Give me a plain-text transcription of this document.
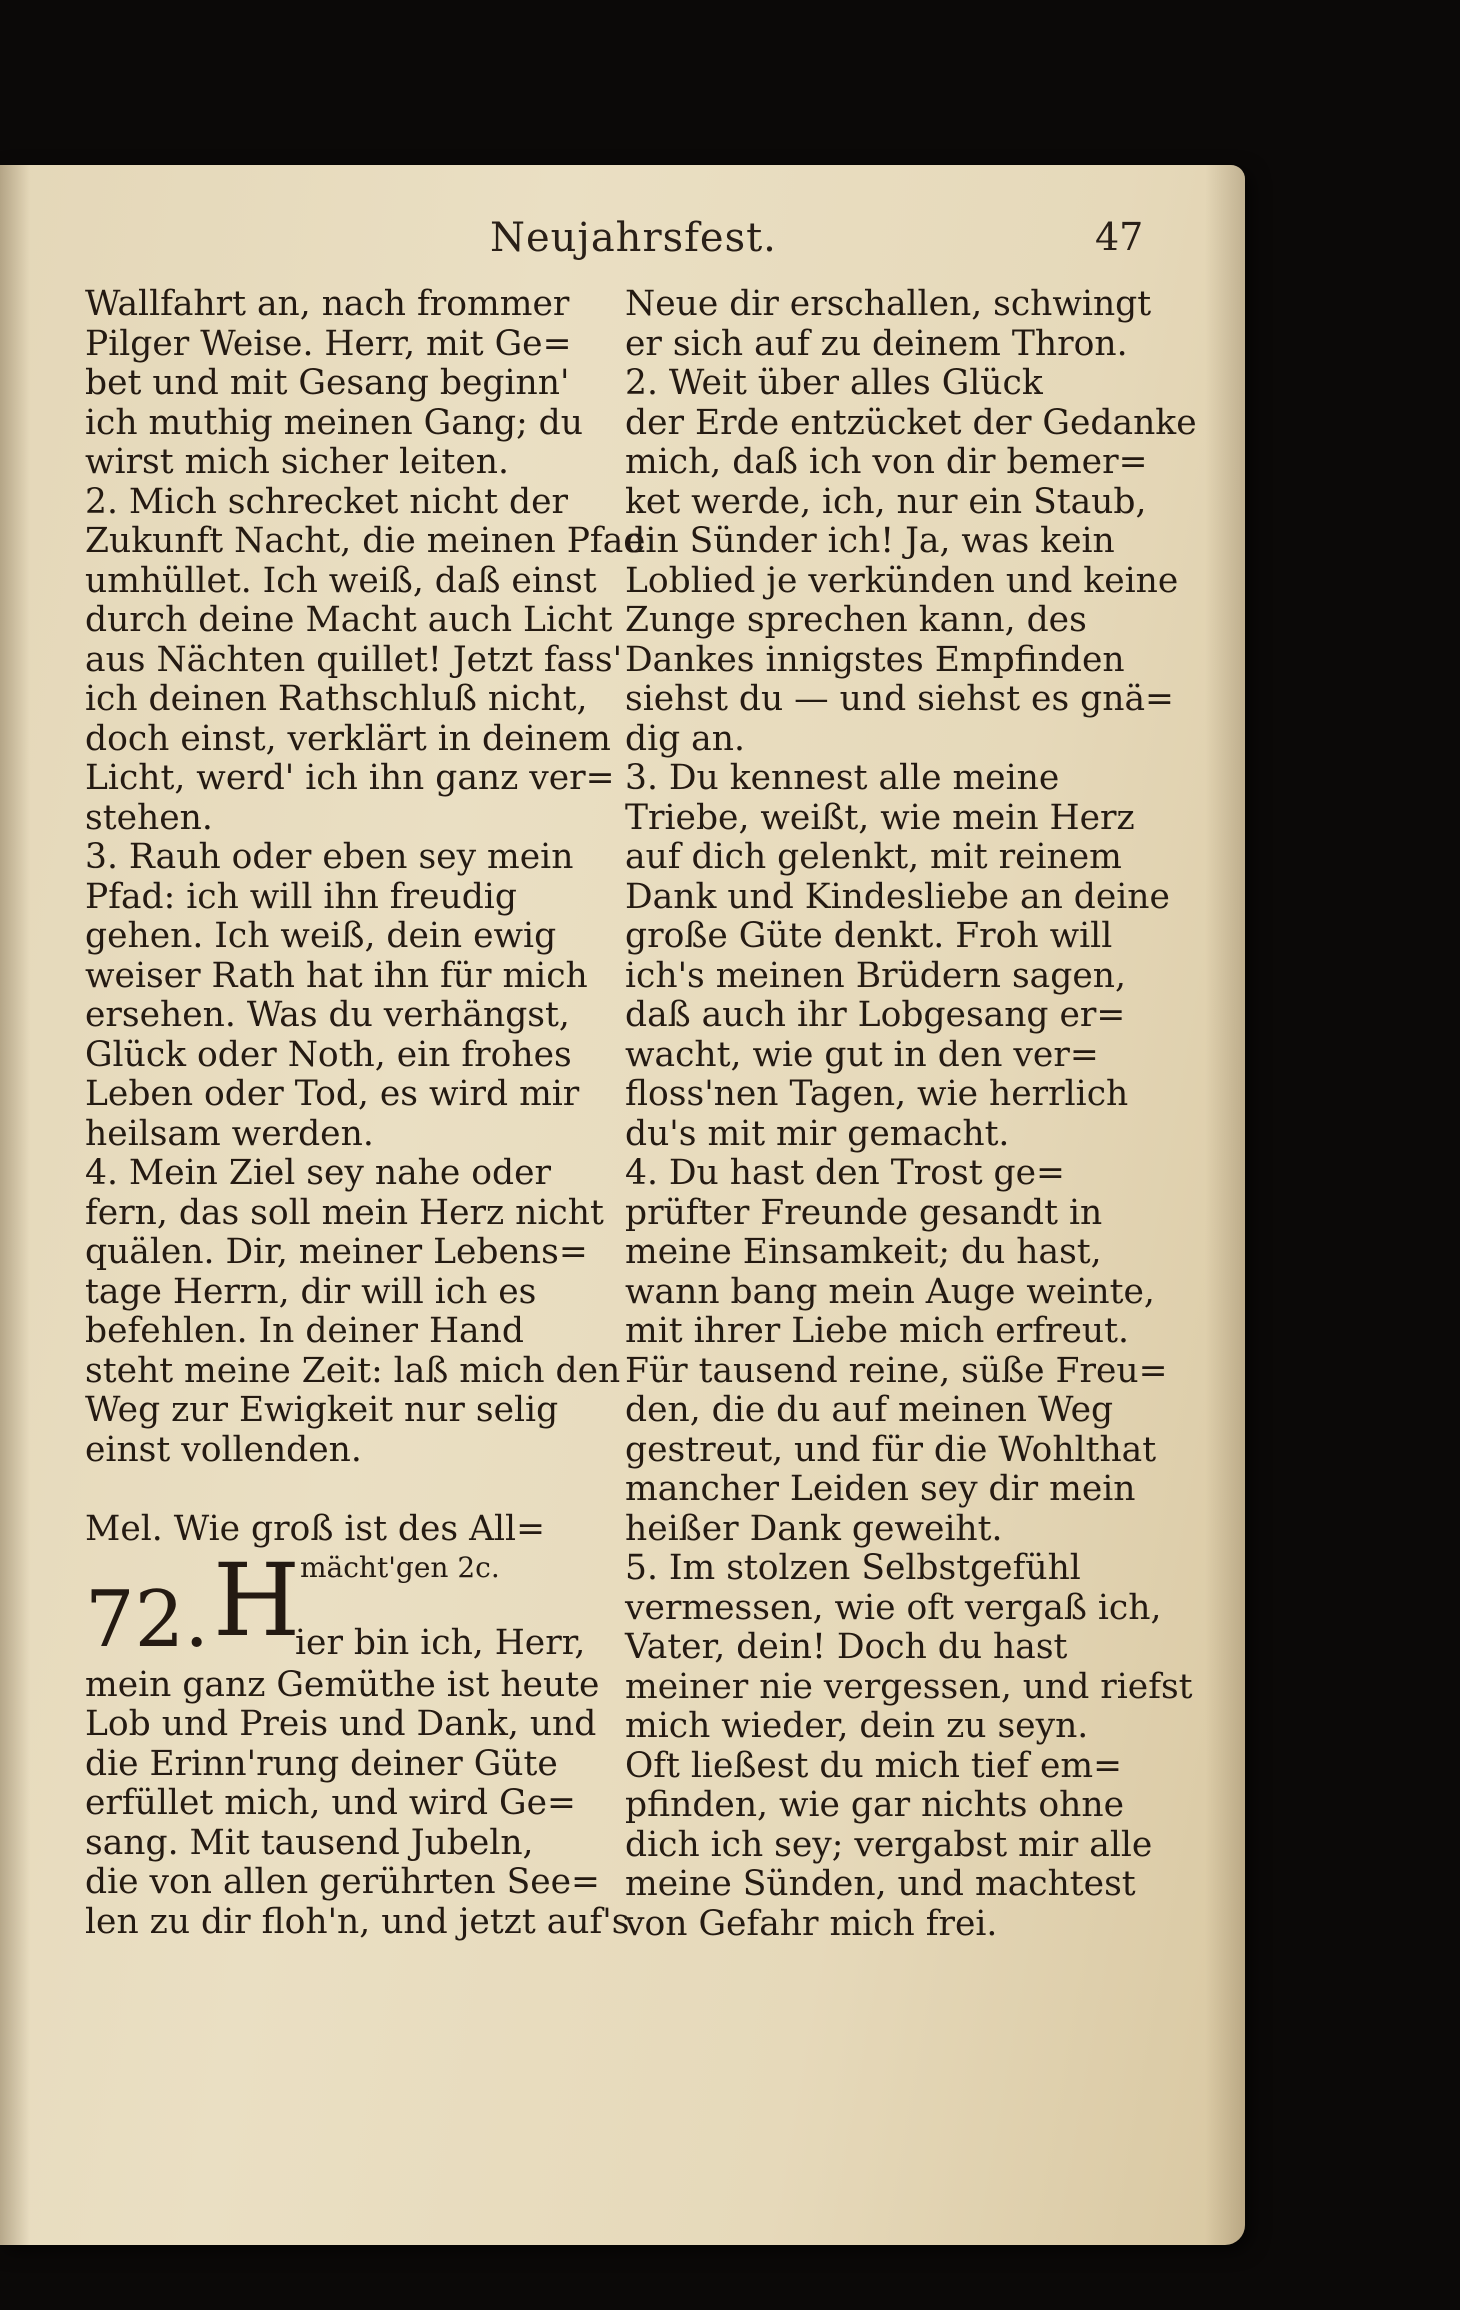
Neujahrsfest.	47

Wallfahrt an, nach frommer

Pilger Weise. Herr, mit Ge=

bet und mit Gesang beginn'

ich muthig meinen Gang; du

wirst mich sicher leiten.

2. Mich schrecket nicht der

Zukunft Nacht, die meinen Pfad

umhüllet. Ich weiß, daß einst

durch deine Macht auch Licht

aus Nächten quillet! Jetzt fass'

ich deinen Rathschluß nicht,

doch einst, verklärt in deinem

Licht, werd' ich ihn ganz ver=

stehen.

3. Rauh oder eben sey mein

Pfad: ich will ihn freudig

gehen. Ich weiß, dein ewig

weiser Rath hat ihn für mich

ersehen. Was du verhängst,

Glück oder Noth, ein frohes

Leben oder Tod, es wird mir

heilsam werden.

4. Mein Ziel sey nahe oder

fern, das soll mein Herz nicht

quälen. Dir, meiner Lebens=

tage Herrn, dir will ich es

befehlen. In deiner Hand

steht meine Zeit: laß mich den

Weg zur Ewigkeit nur selig

einst vollenden.

Mel. Wie groß ist des All=

mächt'gen 2c.

72. H
ier bin ich, Herr,

mein ganz Gemüthe ist heute

Lob und Preis und Dank, und

die Erinn'rung deiner Güte

erfüllet mich, und wird Ge=

sang. Mit tausend Jubeln,

die von allen gerührten See=

len zu dir floh'n, und jetzt auf's

Neue dir erschallen, schwingt

er sich auf zu deinem Thron.

2. Weit über alles Glück

der Erde entzücket der Gedanke

mich, daß ich von dir bemer=

ket werde, ich, nur ein Staub,

ein Sünder ich! Ja, was kein

Loblied je verkünden und keine

Zunge sprechen kann, des

Dankes innigstes Empfinden

siehst du — und siehst es gnä=

dig an.

3. Du kennest alle meine

Triebe, weißt, wie mein Herz

auf dich gelenkt, mit reinem

Dank und Kindesliebe an deine

große Güte denkt. Froh will

ich's meinen Brüdern sagen,

daß auch ihr Lobgesang er=

wacht, wie gut in den ver=

floss'nen Tagen, wie herrlich

du's mit mir gemacht.

4. Du hast den Trost ge=

prüfter Freunde gesandt in

meine Einsamkeit; du hast,

wann bang mein Auge weinte,

mit ihrer Liebe mich erfreut.

Für tausend reine, süße Freu=

den, die du auf meinen Weg

gestreut, und für die Wohlthat

mancher Leiden sey dir mein

heißer Dank geweiht.

5. Im stolzen Selbstgefühl

vermessen, wie oft vergaß ich,

Vater, dein! Doch du hast

meiner nie vergessen, und riefst

mich wieder, dein zu seyn.

Oft ließest du mich tief em=

pfinden, wie gar nichts ohne

dich ich sey; vergabst mir alle

meine Sünden, und machtest

von Gefahr mich frei.
